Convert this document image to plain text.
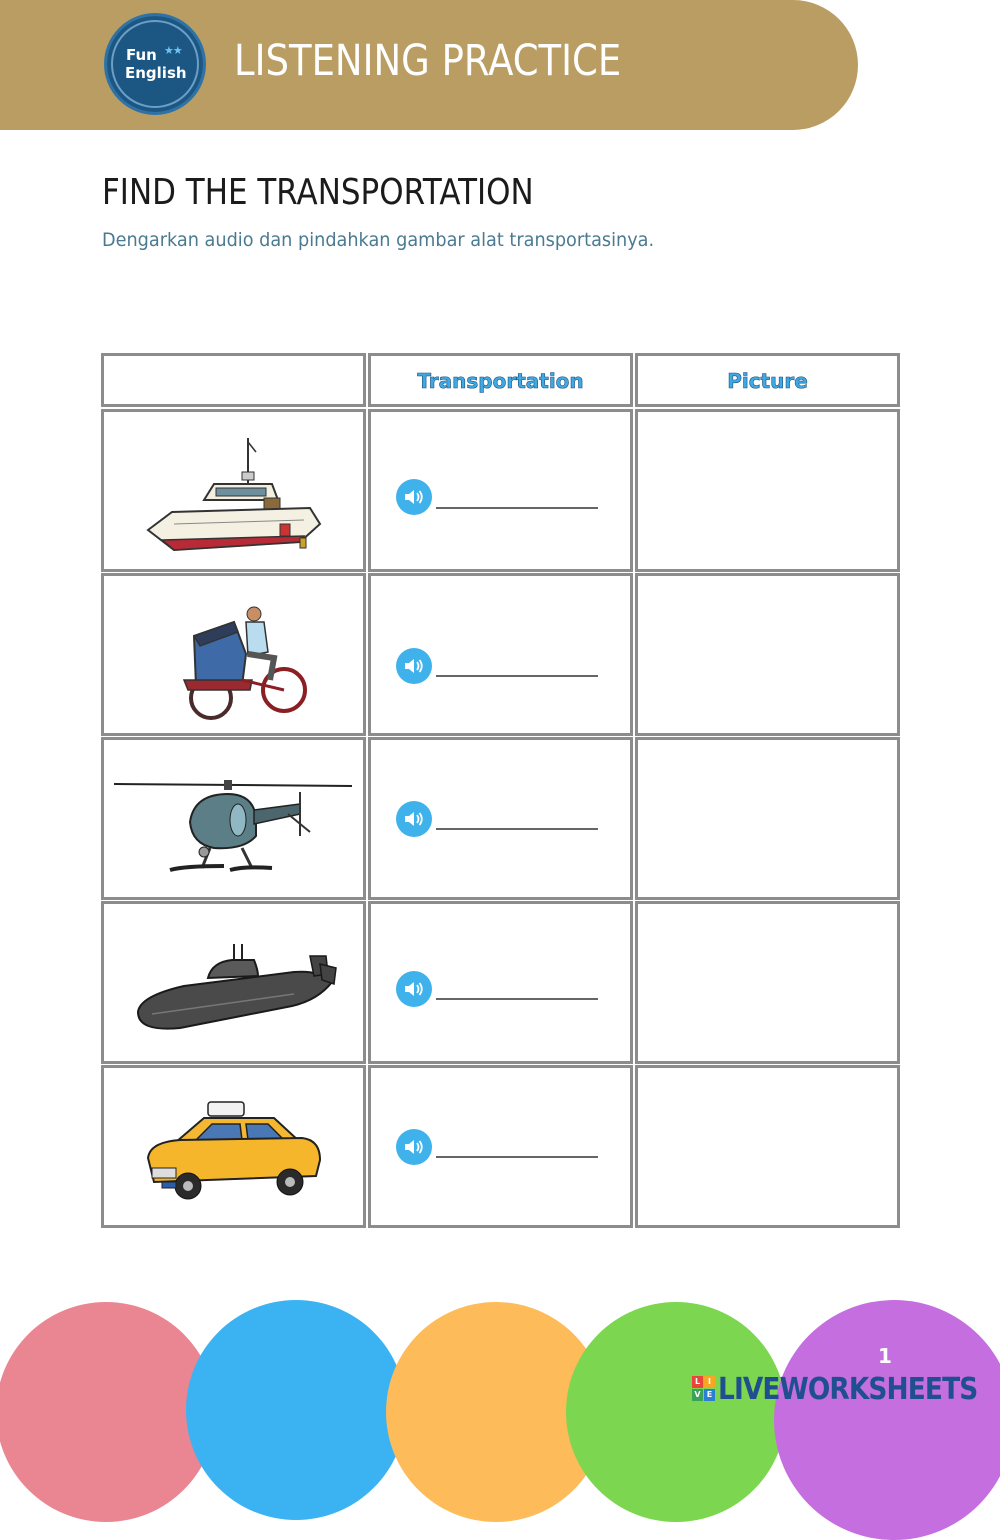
Fun ★★
English LISTENING PRACTICE
FIND THE TRANSPORTATION
Dengarkan audio dan pindahkan gambar alat transportasinya.
Transportation	Picture
1
L I
V E LIVEWORKSHEETS
